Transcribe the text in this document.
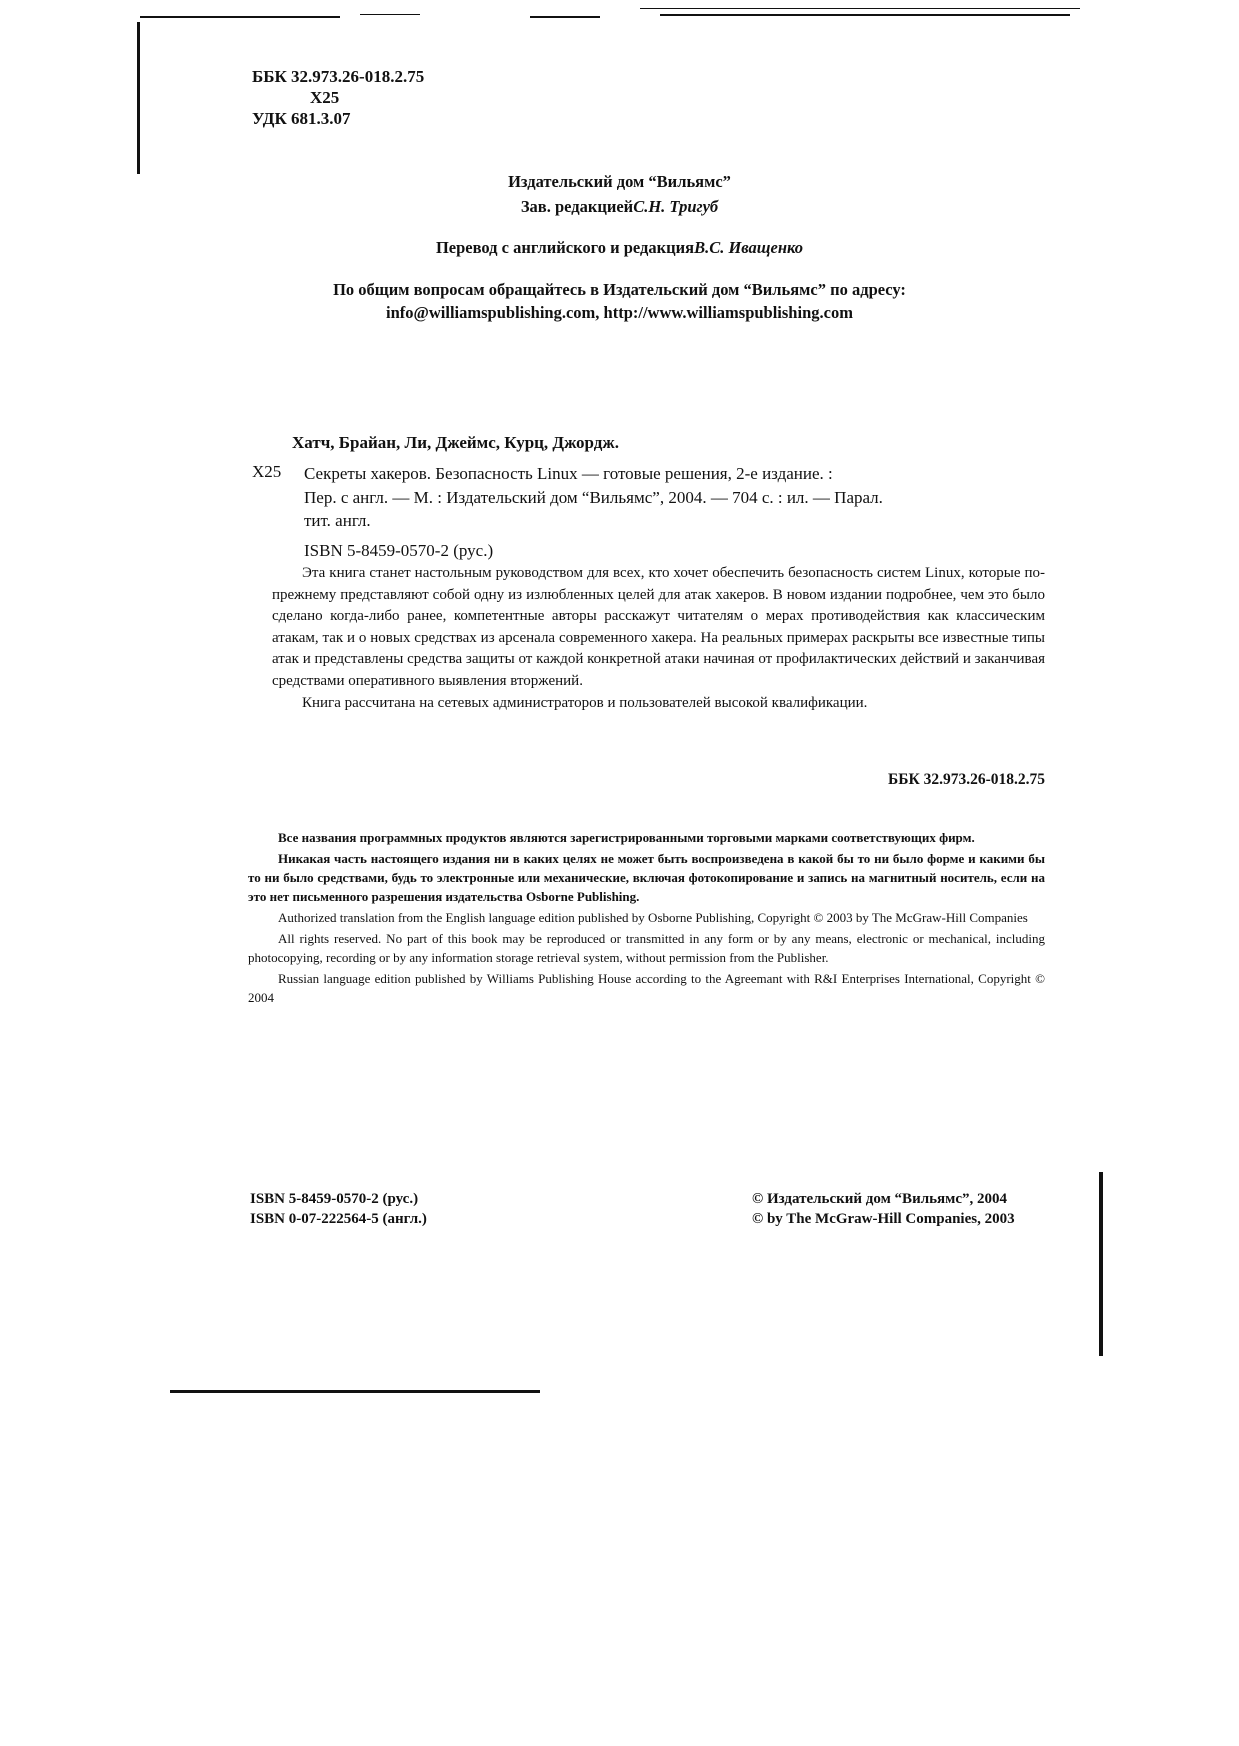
ББК 32.973.26-018.2.75
Х25
УДК 681.3.07
Издательский дом “Вильямс”
Зав. редакциейС.Н. Тригуб
Перевод с английского и редакцияВ.С. Иващенко
По общим вопросам обращайтесь в Издательский дом “Вильямс” по адресу:
info@williamspublishing.com, http://www.williamspublishing.com
Хатч, Брайан, Ли, Джеймс, Курц, Джордж.
Х25 Секреты хакеров. Безопасность Linux — готовые решения, 2-е издание. :
Пер. с англ. — М. : Издательский дом “Вильямс”, 2004. — 704 с. : ил. — Парал.
тит. англ.
ISBN 5-8459-0570-2 (рус.)

Эта книга станет настольным руководством для всех, кто хочет обеспечить безопасность систем Linux, которые по-прежнему представляют собой одну из излюбленных целей для атак хакеров. В новом издании подробнее, чем это было сделано когда-либо ранее, компетентные авторы расскажут читателям о мерах противодействия как классическим атакам, так и о новых средствах из арсенала современного хакера. На реальных примерах раскрыты все известные типы атак и представлены средства защиты от каждой конкретной атаки начиная от профилактических действий и заканчивая средствами оперативного выявления вторжений.

Книга рассчитана на сетевых администраторов и пользователей высокой квалификации.

ББК 32.973.26-018.2.75

Все названия программных продуктов являются зарегистрированными торговыми марками соответствующих фирм.

Никакая часть настоящего издания ни в каких целях не может быть воспроизведена в какой бы то ни было форме и какими бы то ни было средствами, будь то электронные или механические, включая фотокопирование и запись на магнитный носитель, если на это нет письменного разрешения издательства Osborne Publishing.

Authorized translation from the English language edition published by Osborne Publishing, Copyright © 2003 by The McGraw-Hill Companies

All rights reserved. No part of this book may be reproduced or transmitted in any form or by any means, electronic or mechanical, including photocopying, recording or by any information storage retrieval system, without permission from the Publisher.

Russian language edition published by Williams Publishing House according to the Agreemant with R&I Enterprises International, Copyright © 2004

ISBN 5-8459-0570-2 (рус.)
ISBN 0-07-222564-5 (англ.)
© Издательский дом “Вильямс”, 2004
© by The McGraw-Hill Companies, 2003
